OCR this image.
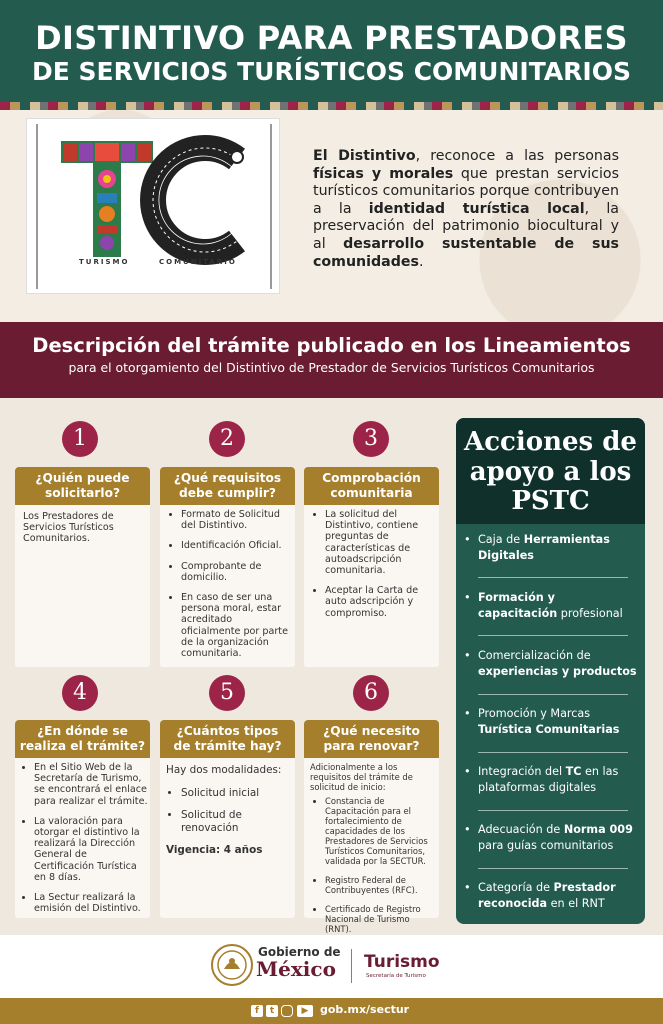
DISTINTIVO PARA PRESTADORES
DE SERVICIOS TURÍSTICOS COMUNITARIOS
TURISMO	COMUNITARIO
El Distintivo, reconoce a las personas físicas y morales que prestan servicios turísticos comunitarios porque contribuyen a la identidad turística local, la preservación del patrimonio biocultural y al desarrollo sustentable de sus comunidades.
Descripción del trámite publicado en los Lineamientos
para el otorgamiento del Distintivo de Prestador de Servicios Turísticos Comunitarios
1
¿Quién puede
solicitarlo?
Los Prestadores de Servicios Turísticos Comunitarios.
2
¿Qué requisitos
debe cumplir?
• Formato de Solicitud del Distintivo.
• Identificación Oficial.
• Comprobante de domicilio.
• En caso de ser una persona moral, estar acreditado oficialmente por parte de la organización comunitaria.
3
Comprobación
comunitaria
• La solicitud del Distintivo, contiene preguntas de características de autoadscripción comunitaria.
• Aceptar la Carta de auto adscripción y compromiso.
4
¿En dónde se
realiza el trámite?
• En el Sitio Web de la Secretaría de Turismo, se encontrará el enlace para realizar el trámite.
• La valoración para otorgar el distintivo la realizará la Dirección General de Certificación Turística en 8 días.
• La Sectur realizará la emisión del Distintivo.
5
¿Cuántos tipos
de trámite hay?
Hay dos modalidades:
• Solicitud inicial
• Solicitud de renovación
Vigencia: 4 años
6
¿Qué necesito
para renovar?
Adicionalmente a los requisitos del trámite de solicitud de inicio:
• Constancia de Capacitación para el fortalecimiento de capacidades de los Prestadores de Servicios Turísticos Comunitarios, validada por la SECTUR.
• Registro Federal de Contribuyentes (RFC).
• Certificado de Registro Nacional de Turismo (RNT).
Acciones de
apoyo a los
PSTC
• Caja de Herramientas Digitales
• Formación y capacitación profesional
• Comercialización de experiencias y productos
• Promoción y Marcas Turística Comunitarias
• Integración del TC en las plataformas digitales
• Adecuación de Norma 009 para guías comunitarios
• Categoría de Prestador reconocida en el RNT
Gobierno de
México Turismo
Secretaría de Turismo
f	t	▶	gob.mx/sectur
